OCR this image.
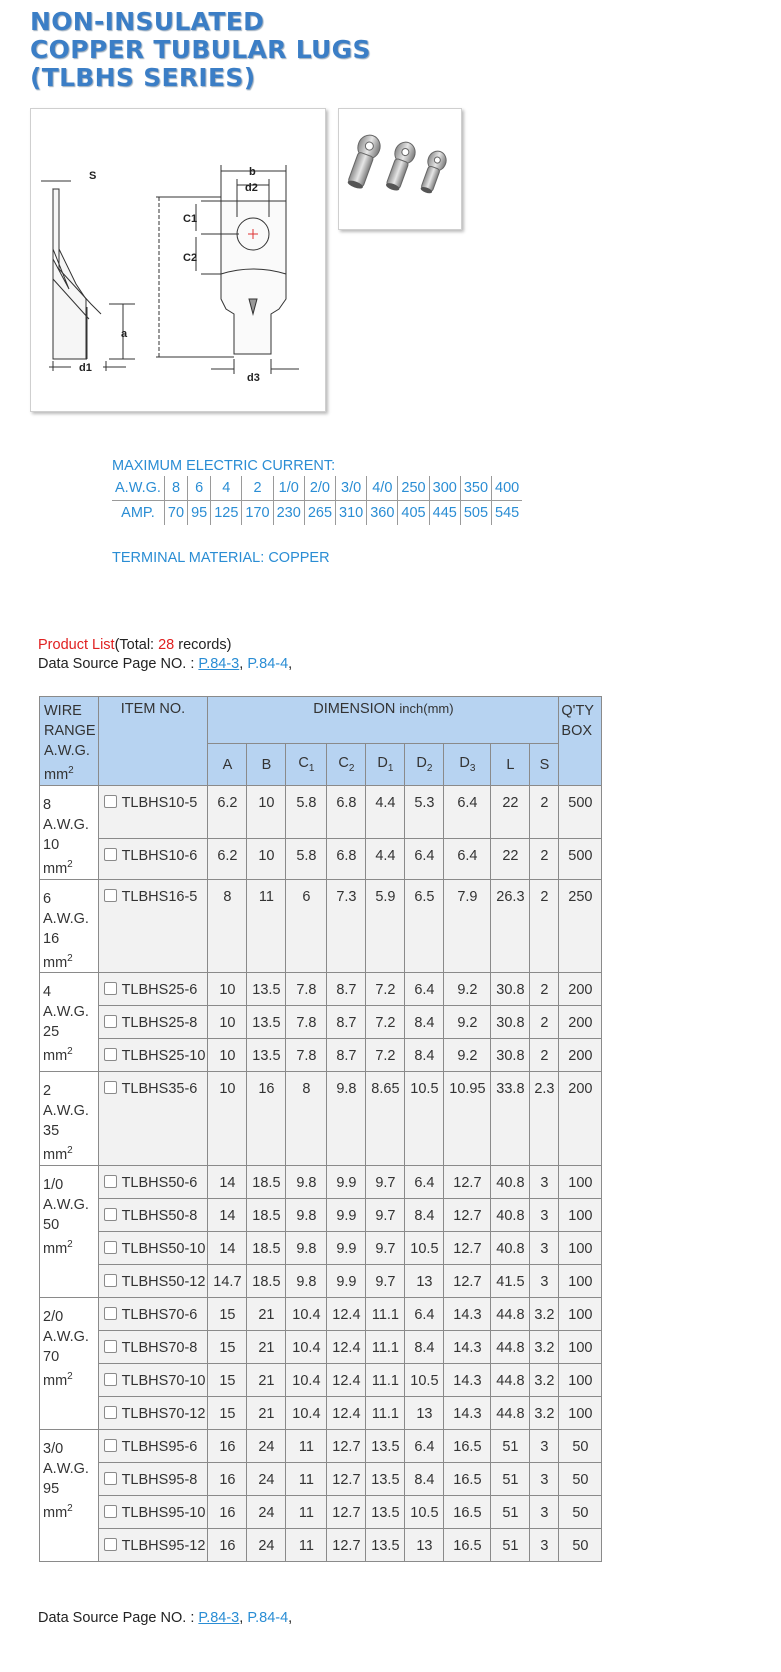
NON-INSULATED
COPPER TUBULAR LUGS
(TLBHS SERIES)
S	b
d2
C1
C2
a
d1
d3
MAXIMUM ELECTRIC CURRENT:
A.W.G.	8	6	4	2	1/0	2/0	3/0	4/0	250	300	350	400
AMP.	70	95	125	170	230	265	310	360	405	445	505	545
TERMINAL MATERIAL: COPPER
Product List(Total: 28 records)
Data Source Page NO. : P.84-3, P.84-4,
WIRE
RANGE
A.W.G.
$mm^2$	ITEM NO.	DIMENSION inch(mm)									Q'TY
BOX
		A	B	$C_1$	$C_2$	$D_1$	$D_2$	$D_3$	L	S	
8
A.W.G.
10
$mm^2$	TLBHS10-5	6.2	10	5.8	6.8	4.4	5.3	6.4	22	2	500
	TLBHS10-6	6.2	10	5.8	6.8	4.4	6.4	6.4	22	2	500
6
A.W.G.
16
$mm^2$	TLBHS16-5	8	11	6	7.3	5.9	6.5	7.9	26.3	2	250
4
A.W.G.
25
$mm^2$	TLBHS25-6	10	13.5	7.8	8.7	7.2	6.4	9.2	30.8	2	200
	TLBHS25-8	10	13.5	7.8	8.7	7.2	8.4	9.2	30.8	2	200
	TLBHS25-10	10	13.5	7.8	8.7	7.2	8.4	9.2	30.8	2	200
2
A.W.G.
35
$mm^2$	TLBHS35-6	10	16	8	9.8	8.65	10.5	10.95	33.8	2.3	200
1/0
A.W.G.
50
$mm^2$	TLBHS50-6	14	18.5	9.8	9.9	9.7	6.4	12.7	40.8	3	100
	TLBHS50-8	14	18.5	9.8	9.9	9.7	8.4	12.7	40.8	3	100
	TLBHS50-10	14	18.5	9.8	9.9	9.7	10.5	12.7	40.8	3	100
	TLBHS50-12	14.7	18.5	9.8	9.9	9.7	13	12.7	41.5	3	100
2/0
A.W.G.
70
$mm^2$	TLBHS70-6	15	21	10.4	12.4	11.1	6.4	14.3	44.8	3.2	100
	TLBHS70-8	15	21	10.4	12.4	11.1	8.4	14.3	44.8	3.2	100
	TLBHS70-10	15	21	10.4	12.4	11.1	10.5	14.3	44.8	3.2	100
	TLBHS70-12	15	21	10.4	12.4	11.1	13	14.3	44.8	3.2	100
3/0
A.W.G.
95
$mm^2$	TLBHS95-6	16	24	11	12.7	13.5	6.4	16.5	51	3	50
	TLBHS95-8	16	24	11	12.7	13.5	8.4	16.5	51	3	50
	TLBHS95-10	16	24	11	12.7	13.5	10.5	16.5	51	3	50
	TLBHS95-12	16	24	11	12.7	13.5	13	16.5	51	3	50
Data Source Page NO. : P.84-3, P.84-4,
